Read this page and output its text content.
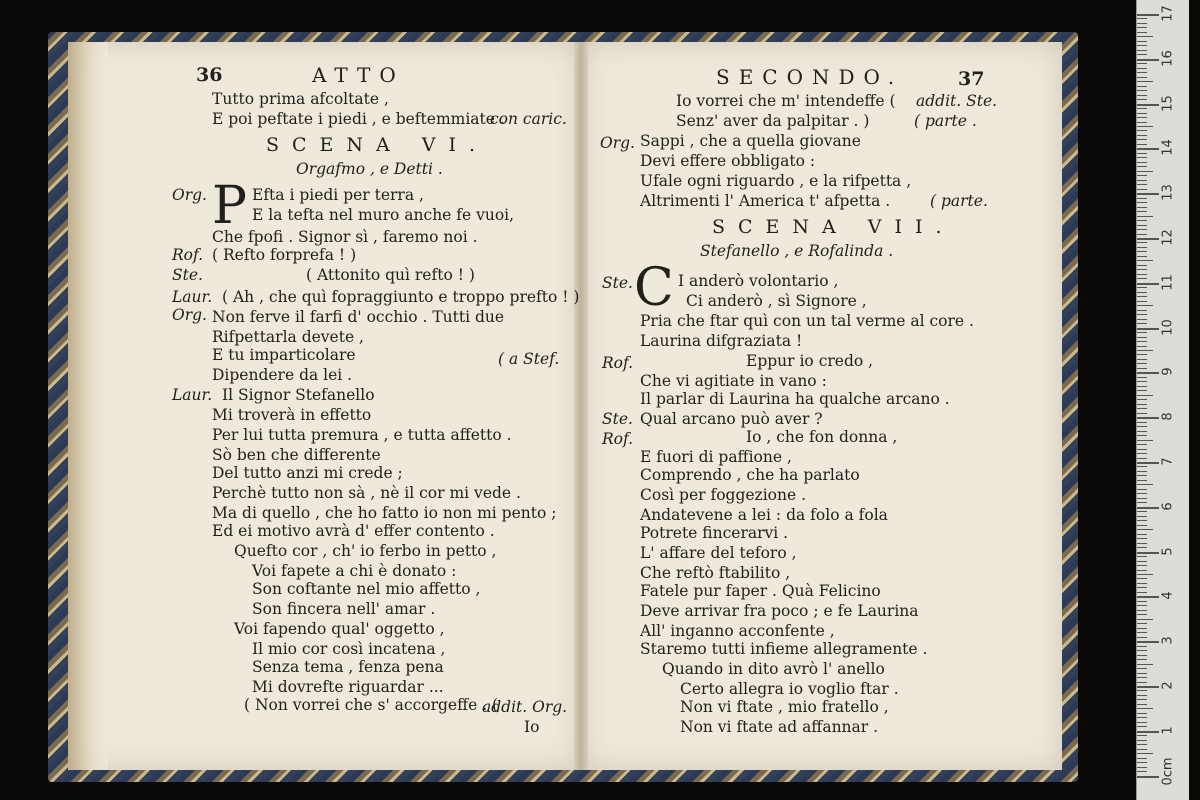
36	ATTO
con caric.
P
37
SECONDO.
C
Tutto prima afcoltate ,
E poi peftate i piedi , e beftemmiate .
SCENA VI.
Orgafmo , e Detti .
Org.	Efta i piedi per terra ,
E la tefta nel muro anche fe vuoi,
Che fpofi . Signor sì , faremo noi .
Rof. ( Refto forprefa ! )
Ste.	( Attonito quì refto ! )
Laur. ( Ah , che quì fopraggiunto e troppo prefto ! )
Org. Non ferve il farfi d' occhio . Tutti due
Rifpettarla devete ,
E tu imparticolare	( a Stef.
Dipendere da lei .
Laur. Il Signor Stefanello
Mi troverà in effetto
Per lui tutta premura , e tutta affetto .
Sò ben che differente
Del tutto anzi mi crede ;
Perchè tutto non sà , nè il cor mi vede .
Ma di quello , che ho fatto io non mi pento ;
Ed ei motivo avrà d' effer contento .
Quefto cor , ch' io ferbo in petto ,
Voi fapete a chi è donato :
Son coftante nel mio affetto ,
Son fincera nell' amar .
Voi fapendo qual' oggetto ,
Il mio cor così incatena ,
Senza tema , fenza pena
Mi dovrefte riguardar ...
( Non vorrei che s' accorgeffe . (
addit. Org.
Io
Io vorrei che m' intendeffe ( addit. Ste.
Senz' aver da palpitar . )	( parte .
Org. Sappi , che a quella giovane
Devi effere obbligato :
Ufale ogni riguardo , e la rifpetta ,
Altrimenti l' America t' afpetta .	( parte.
SCENA VII.
Stefanello , e Rofalinda .
Ste.	I anderò volontario ,
Ci anderò , sì Signore ,
Pria che ftar quì con un tal verme al core .
Laurina difgraziata !
Rof.	Eppur io credo ,
Che vi agitiate in vano :
Il parlar di Laurina ha qualche arcano .
Ste. Qual arcano può aver ?
Rof.	Io , che fon donna ,
E fuori di paffione ,
Comprendo , che ha parlato
Così per foggezione .
Andatevene a lei : da folo a fola
Potrete fincerarvi .
L' affare del teforo ,
Che reftò ftabilito ,
Fatele pur faper . Quà Felicino
Deve arrivar fra poco ; e fe Laurina
All' inganno acconfente ,
Staremo tutti infieme allegramente .
Quando in dito avrò l' anello
Certo allegra io voglio ftar .
Non vi ftate , mio fratello ,
Non vi ftate ad affannar .
17
16
15
14
13
12
11
10
9
8
7
6
5
4
3
2
1
0cm
